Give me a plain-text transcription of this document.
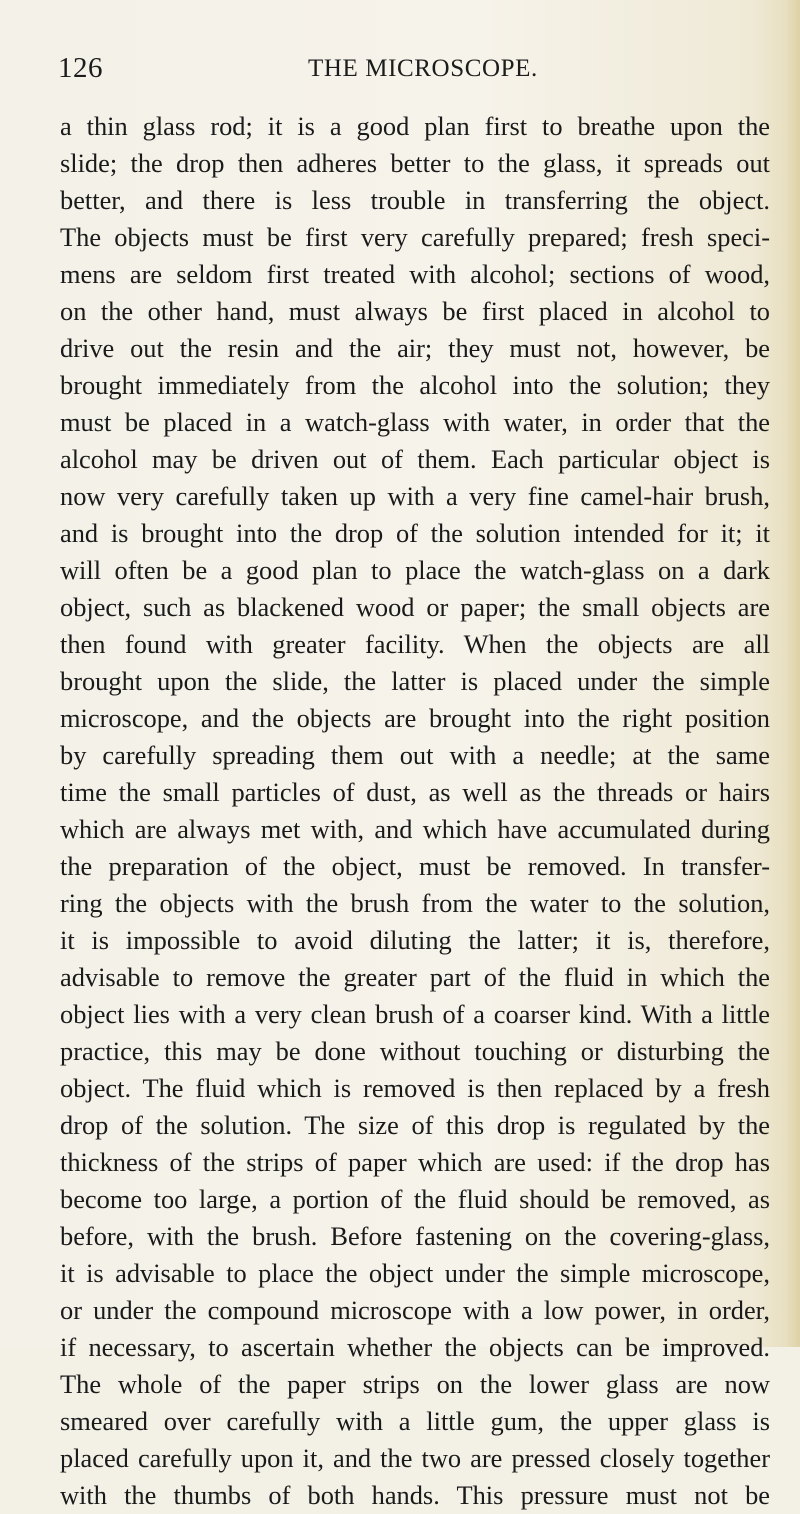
126	THE MICROSCOPE.
a thin glass rod; it is a good plan first to breathe upon the
slide; the drop then adheres better to the glass, it spreads out
better, and there is less trouble in transferring the object.
The objects must be first very carefully prepared; fresh speci-
mens are seldom first treated with alcohol; sections of wood,
on the other hand, must always be first placed in alcohol to
drive out the resin and the air; they must not, however, be
brought immediately from the alcohol into the solution; they
must be placed in a watch-glass with water, in order that the
alcohol may be driven out of them. Each particular object is
now very carefully taken up with a very fine camel-hair brush,
and is brought into the drop of the solution intended for it; it
will often be a good plan to place the watch-glass on a dark
object, such as blackened wood or paper; the small objects are
then found with greater facility. When the objects are all
brought upon the slide, the latter is placed under the simple
microscope, and the objects are brought into the right position
by carefully spreading them out with a needle; at the same
time the small particles of dust, as well as the threads or hairs
which are always met with, and which have accumulated during
the preparation of the object, must be removed. In transfer-
ring the objects with the brush from the water to the solution,
it is impossible to avoid diluting the latter; it is, therefore,
advisable to remove the greater part of the fluid in which the
object lies with a very clean brush of a coarser kind. With a little
practice, this may be done without touching or disturbing the
object. The fluid which is removed is then replaced by a fresh
drop of the solution. The size of this drop is regulated by the
thickness of the strips of paper which are used: if the drop has
become too large, a portion of the fluid should be removed, as
before, with the brush. Before fastening on the covering-glass,
it is advisable to place the object under the simple microscope,
or under the compound microscope with a low power, in order,
if necessary, to ascertain whether the objects can be improved.
The whole of the paper strips on the lower glass are now
smeared over carefully with a little gum, the upper glass is
placed carefully upon it, and the two are pressed closely together
with the thumbs of both hands. This pressure must not be
